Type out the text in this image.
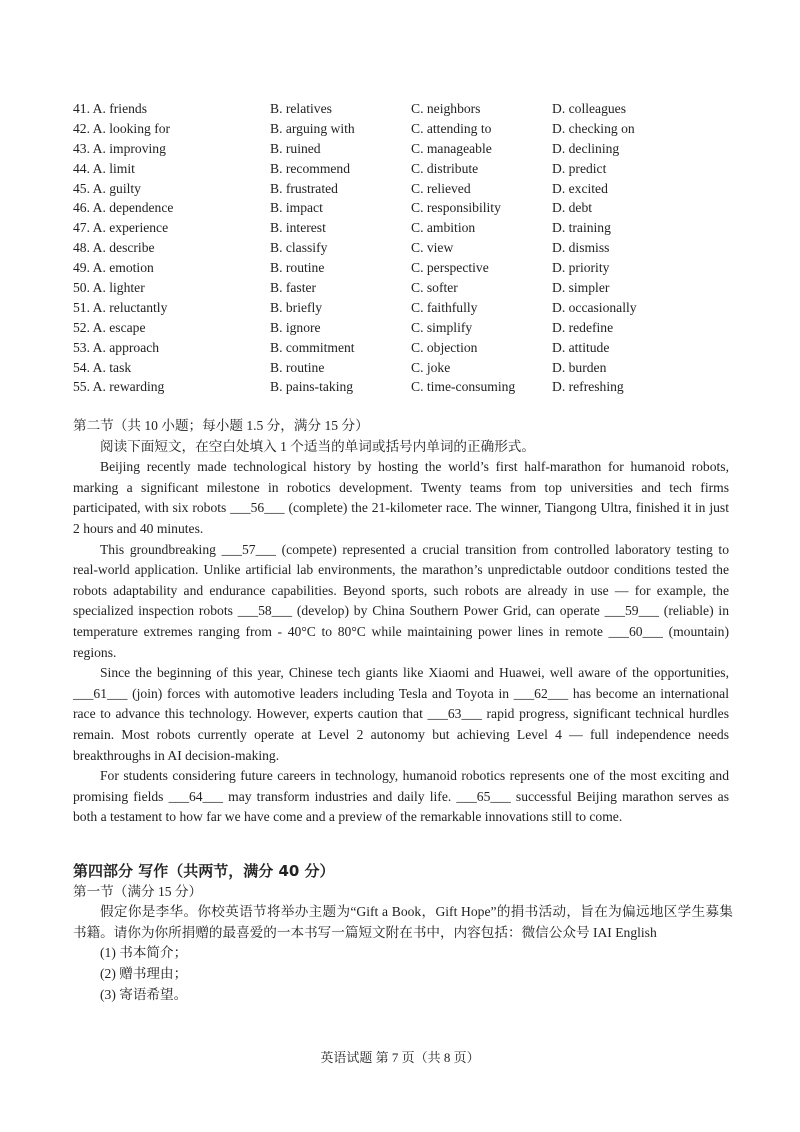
41. A. friends	B. relatives	C. neighbors	D. colleagues
42. A. looking for	B. arguing with	C. attending to	D. checking on
43. A. improving	B. ruined	C. manageable	D. declining
44. A. limit	B. recommend	C. distribute	D. predict
45. A. guilty	B. frustrated	C. relieved	D. excited
46. A. dependence	B. impact	C. responsibility	D. debt
47. A. experience	B. interest	C. ambition	D. training
48. A. describe	B. classify	C. view	D. dismiss
49. A. emotion	B. routine	C. perspective	D. priority
50. A. lighter	B. faster	C. softer	D. simpler
51. A. reluctantly	B. briefly	C. faithfully	D. occasionally
52. A. escape	B. ignore	C. simplify	D. redefine
53. A. approach	B. commitment	C. objection	D. attitude
54. A. task	B. routine	C. joke	D. burden
55. A. rewarding	B. pains-taking	C. time-consuming	D. refreshing

第二节（共 10 小题；每小题 1.5 分，满分 15 分）

阅读下面短文，在空白处填入 1 个适当的单词或括号内单词的正确形式。

Beijing recently made technological history by hosting the world’s first half-marathon for humanoid robots, marking a significant milestone in robotics development. Twenty teams from top universities and tech firms participated, with six robots ___56___ (complete) the 21-kilometer race. The winner, Tiangong Ultra, finished it in just 2 hours and 40 minutes.

This groundbreaking ___57___ (compete) represented a crucial transition from controlled laboratory testing to real-world application. Unlike artificial lab environments, the marathon’s unpredictable outdoor conditions tested the robots adaptability and endurance capabilities. Beyond sports, such robots are already in use — for example, the specialized inspection robots ___58___ (develop) by China Southern Power Grid, can operate ___59___ (reliable) in temperature extremes ranging from - 40°C to 80°C while maintaining power lines in remote ___60___ (mountain) regions.

Since the beginning of this year, Chinese tech giants like Xiaomi and Huawei, well aware of the opportunities, ___61___ (join) forces with automotive leaders including Tesla and Toyota in ___62___ has become an international race to advance this technology. However, experts caution that ___63___ rapid progress, significant technical hurdles remain. Most robots currently operate at Level 2 autonomy but achieving Level 4 — full independence needs breakthroughs in AI decision-making.

For students considering future careers in technology, humanoid robotics represents one of the most exciting and promising fields ___64___ may transform industries and daily life. ___65___ successful Beijing marathon serves as both a testament to how far we have come and a preview of the remarkable innovations still to come.

第四部分 写作（共两节，满分 40 分）

第一节（满分 15 分）

假定你是李华。你校英语节将举办主题为“Gift a Book，Gift Hope”的捐书活动，旨在为偏远地区学生募集书籍。请你为你所捐赠的最喜爱的一本书写一篇短文附在书中，内容包括：微信公众号 IAI English

(1) 书本简介；

(2) 赠书理由；

(3) 寄语希望。

英语试题 第 7 页（共 8 页）
